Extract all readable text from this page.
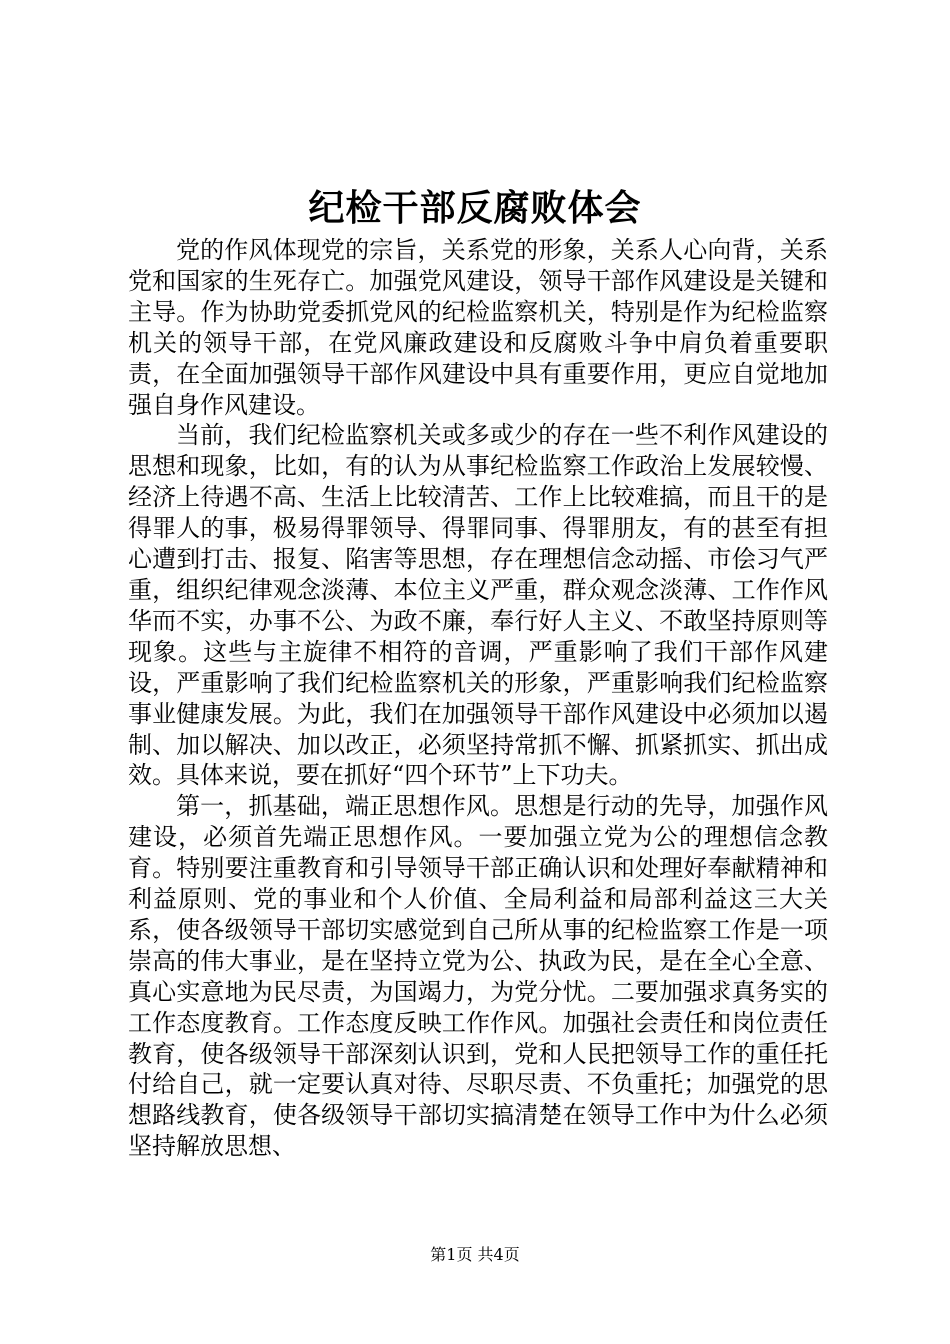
纪检干部反腐败体会

党的作风体现党的宗旨，关系党的形象，关系人心向背，关系党和国家的生死存亡。加强党风建设，领导干部作风建设是关键和主导。作为协助党委抓党风的纪检监察机关，特别是作为纪检监察机关的领导干部，在党风廉政建设和反腐败斗争中肩负着重要职责，在全面加强领导干部作风建设中具有重要作用，更应自觉地加强自身作风建设。

当前，我们纪检监察机关或多或少的存在一些不利作风建设的思想和现象，比如，有的认为从事纪检监察工作政治上发展较慢、经济上待遇不高、生活上比较清苦、工作上比较难搞，而且干的是得罪人的事，极易得罪领导、得罪同事、得罪朋友，有的甚至有担心遭到打击、报复、陷害等思想，存在理想信念动摇、市侩习气严重，组织纪律观念淡薄、本位主义严重，群众观念淡薄、工作作风华而不实，办事不公、为政不廉，奉行好人主义、不敢坚持原则等现象。这些与主旋律不相符的音调，严重影响了我们干部作风建设，严重影响了我们纪检监察机关的形象，严重影响我们纪检监察事业健康发展。为此，我们在加强领导干部作风建设中必须加以遏制、加以解决、加以改正，必须坚持常抓不懈、抓紧抓实、抓出成效。具体来说，要在抓好“四个环节”上下功夫。

第一，抓基础，端正思想作风。思想是行动的先导，加强作风建设，必须首先端正思想作风。一要加强立党为公的理想信念教育。特别要注重教育和引导领导干部正确认识和处理好奉献精神和利益原则、党的事业和个人价值、全局利益和局部利益这三大关系，使各级领导干部切实感觉到自己所从事的纪检监察工作是一项崇高的伟大事业，是在坚持立党为公、执政为民，是在全心全意、真心实意地为民尽责，为国竭力，为党分忧。二要加强求真务实的工作态度教育。工作态度反映工作作风。加强社会责任和岗位责任教育，使各级领导干部深刻认识到，党和人民把领导工作的重任托付给自己，就一定要认真对待、尽职尽责、不负重托；加强党的思想路线教育，使各级领导干部切实搞清楚在领导工作中为什么必须坚持解放思想、

第1页 共4页
